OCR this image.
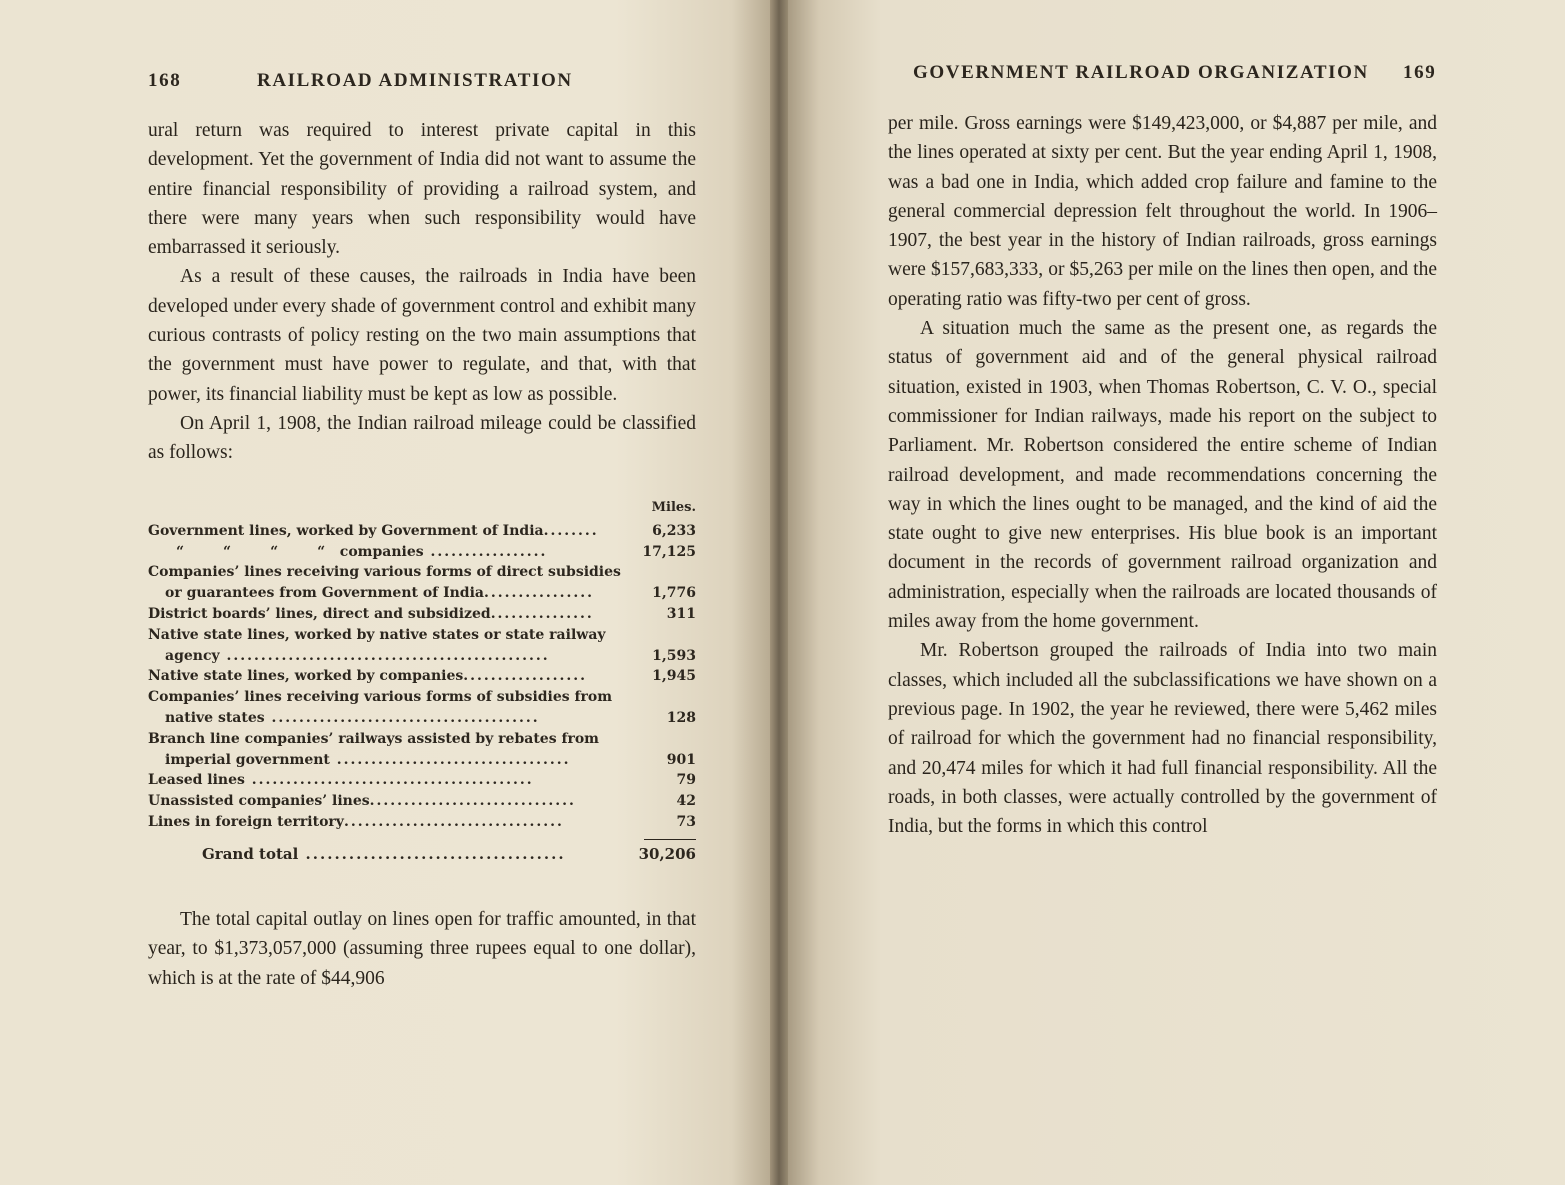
168	RAILROAD ADMINISTRATION

ural return was required to interest private capital in this development. Yet the government of India did not want to assume the entire financial responsibility of providing a railroad system, and there were many years when such responsibility would have embarrassed it seriously.

As a result of these causes, the railroads in India have been developed under every shade of government control and exhibit many curious contrasts of policy resting on the two main assumptions that the government must have power to regulate, and that, with that power, its financial liability must be kept as low as possible.

On April 1, 1908, the Indian railroad mileage could be classified as follows:

Miles.
Government lines, worked by Government of India........	6,233
“        “        “        “   companies .................	17,125
Companies’ lines receiving various forms of direct subsidies
or guarantees from Government of India................	1,776
District boards’ lines, direct and subsidized...............	311
Native state lines, worked by native states or state railway
agency ...............................................	1,593
Native state lines, worked by companies..................	1,945
Companies’ lines receiving various forms of subsidies from
native states .......................................	128
Branch line companies’ railways assisted by rebates from
imperial government ..................................	901
Leased lines .........................................	79
Unassisted companies’ lines..............................	42
Lines in foreign territory................................	73
Grand total ....................................	30,206

The total capital outlay on lines open for traffic amounted, in that year, to $1,373,057,000 (assuming three rupees equal to one dollar), which is at the rate of $44,906

GOVERNMENT RAILROAD ORGANIZATION 169

per mile. Gross earnings were $149,423,000, or $4,887 per mile, and the lines operated at sixty per cent. But the year ending April 1, 1908, was a bad one in India, which added crop failure and famine to the general commercial depression felt throughout the world. In 1906–1907, the best year in the history of Indian railroads, gross earnings were $157,683,333, or $5,263 per mile on the lines then open, and the operating ratio was fifty-two per cent of gross.

A situation much the same as the present one, as regards the status of government aid and of the general physical railroad situation, existed in 1903, when Thomas Robertson, C. V. O., special commissioner for Indian railways, made his report on the subject to Parliament. Mr. Robertson considered the entire scheme of Indian railroad development, and made recommendations concerning the way in which the lines ought to be managed, and the kind of aid the state ought to give new enterprises. His blue book is an important document in the records of government railroad organization and administration, especially when the railroads are located thousands of miles away from the home government.

Mr. Robertson grouped the railroads of India into two main classes, which included all the subclassifications we have shown on a previous page. In 1902, the year he reviewed, there were 5,462 miles of railroad for which the government had no financial responsibility, and 20,474 miles for which it had full financial responsibility. All the roads, in both classes, were actually controlled by the government of India, but the forms in which this control
